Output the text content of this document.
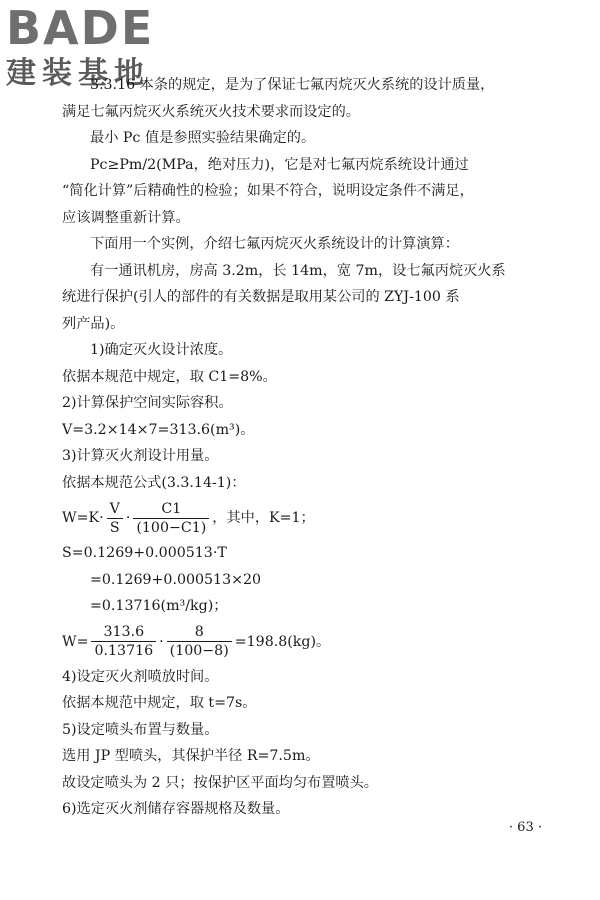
BADE
建装基地

3.3.16 本条的规定，是为了保证七氟丙烷灭火系统的设计质量，

满足七氟丙烷灭火系统灭火技术要求而设定的。

最小 Pc 值是参照实验结果确定的。

Pc≥Pm/2(MPa，绝对压力)，它是对七氟丙烷系统设计通过

“简化计算”后精确性的检验；如果不符合，说明设定条件不满足，

应该调整重新计算。

下面用一个实例，介绍七氟丙烷灭火系统设计的计算演算：

有一通讯机房，房高 3.2m，长 14m，宽 7m，设七氟丙烷灭火系

统进行保护(引人的部件的有关数据是取用某公司的 ZYJ-100 系

列产品)。

1)确定灭火设计浓度。

依据本规范中规定，取 C1=8%。

2)计算保护空间实际容积。

V=3.2×14×7=313.6(m³)。

3)计算灭火剂设计用量。

依据本规范公式(3.3.14-1)：

$W=K\cdot \frac{V}{S} \cdot \frac{C1}{(100-C1)}$ ，其中，K=1；

S=0.1269+0.000513·T

=0.1269+0.000513×20

=0.13716(m³/kg)；

$W= \frac{313.6}{0.13716} \cdot \frac{8}{(100-8)} =198.8(kg)$。

4)设定灭火剂喷放时间。

依据本规范中规定，取 t=7s。

5)设定喷头布置与数量。

选用 JP 型喷头，其保护半径 R=7.5m。

故设定喷头为 2 只；按保护区平面均匀布置喷头。

6)选定灭火剂储存容器规格及数量。

· 63 ·
